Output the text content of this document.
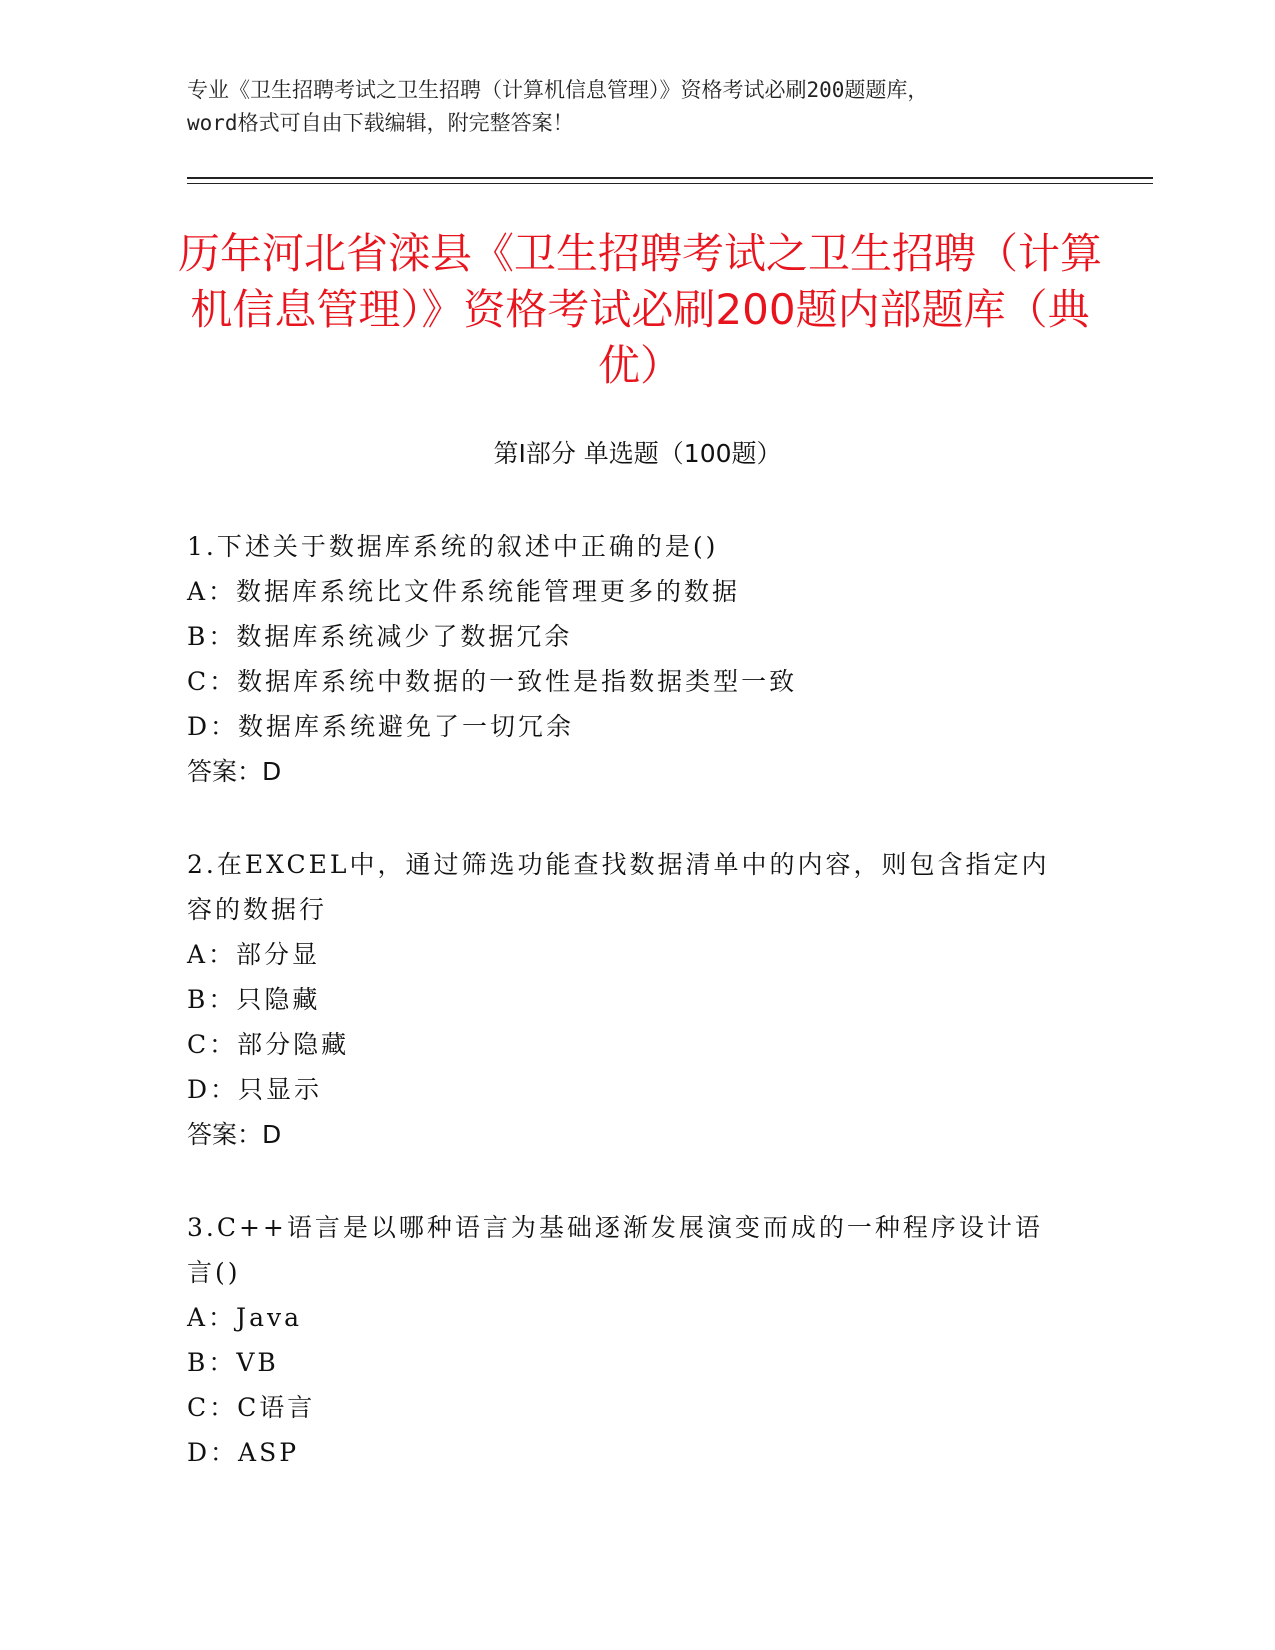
专业《卫生招聘考试之卫生招聘（计算机信息管理）》资格考试必刷200题题库，
word格式可自由下载编辑，附完整答案！
历年河北省滦县《卫生招聘考试之卫生招聘（计算机信息管理）》资格考试必刷200题内部题库（典优）
第I部分 单选题（100题）
1.下述关于数据库系统的叙述中正确的是()
A：数据库系统比文件系统能管理更多的数据
B：数据库系统减少了数据冗余
C：数据库系统中数据的一致性是指数据类型一致
D：数据库系统避免了一切冗余
答案：D
2.在EXCEL中，通过筛选功能查找数据清单中的内容，则包含指定内容的数据行
A：部分显
B：只隐藏
C：部分隐藏
D：只显示
答案：D
3.C++语言是以哪种语言为基础逐渐发展演变而成的一种程序设计语言()
A：Java
B：VB
C：C语言
D：ASP
